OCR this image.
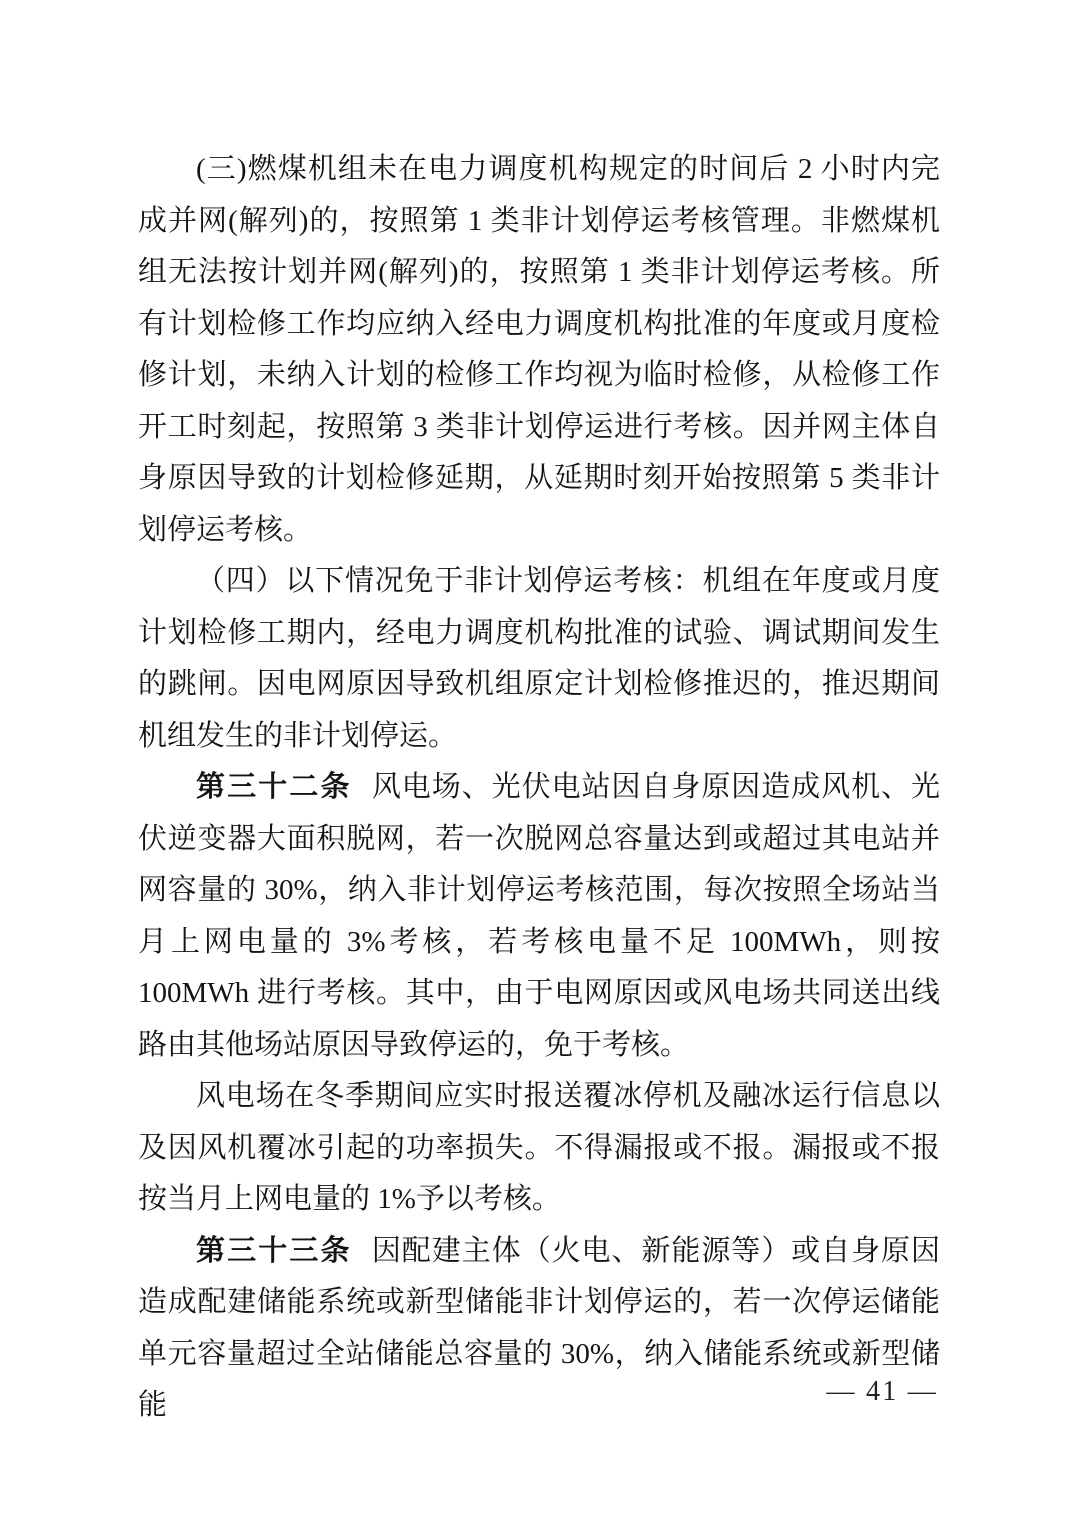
(三)燃煤机组未在电力调度机构规定的时间后 2 小时内完成并网(解列)的，按照第 1 类非计划停运考核管理。非燃煤机组无法按计划并网(解列)的，按照第 1 类非计划停运考核。所有计划检修工作均应纳入经电力调度机构批准的年度或月度检修计划，未纳入计划的检修工作均视为临时检修，从检修工作开工时刻起，按照第 3 类非计划停运进行考核。因并网主体自身原因导致的计划检修延期，从延期时刻开始按照第 5 类非计划停运考核。

（四）以下情况免于非计划停运考核：机组在年度或月度计划检修工期内，经电力调度机构批准的试验、调试期间发生的跳闸。因电网原因导致机组原定计划检修推迟的，推迟期间机组发生的非计划停运。

第三十二条 风电场、光伏电站因自身原因造成风机、光伏逆变器大面积脱网，若一次脱网总容量达到或超过其电站并网容量的 30%，纳入非计划停运考核范围，每次按照全场站当月上网电量的 3%考核，若考核电量不足 100MWh，则按 100MWh 进行考核。其中，由于电网原因或风电场共同送出线路由其他场站原因导致停运的，免于考核。

风电场在冬季期间应实时报送覆冰停机及融冰运行信息以及因风机覆冰引起的功率损失。不得漏报或不报。漏报或不报按当月上网电量的 1%予以考核。

第三十三条 因配建主体（火电、新能源等）或自身原因造成配建储能系统或新型储能非计划停运的，若一次停运储能单元容量超过全站储能总容量的 30%，纳入储能系统或新型储能	— 41 —
